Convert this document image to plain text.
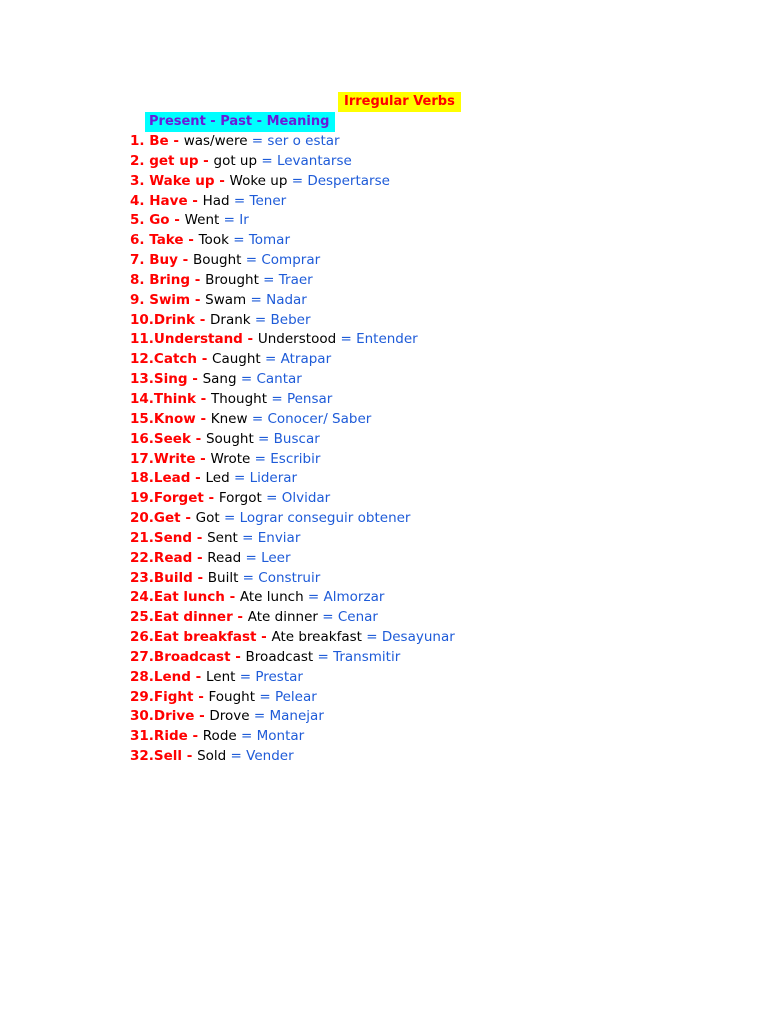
Irregular Verbs
Present - Past - Meaning
1. Be - was/were = ser o estar
2. get up - got up = Levantarse
3. Wake up - Woke up = Despertarse
4. Have - Had = Tener
5. Go - Went = Ir
6. Take - Took = Tomar
7. Buy - Bought = Comprar
8. Bring - Brought = Traer
9. Swim - Swam = Nadar
10.Drink - Drank = Beber
11.Understand - Understood = Entender
12.Catch - Caught = Atrapar
13.Sing - Sang = Cantar
14.Think - Thought = Pensar
15.Know - Knew = Conocer/ Saber
16.Seek - Sought = Buscar
17.Write - Wrote = Escribir
18.Lead - Led = Liderar
19.Forget - Forgot = Olvidar
20.Get - Got = Lograr conseguir obtener
21.Send - Sent = Enviar
22.Read - Read = Leer
23.Build - Built = Construir
24.Eat lunch - Ate lunch = Almorzar
25.Eat dinner - Ate dinner = Cenar
26.Eat breakfast - Ate breakfast = Desayunar
27.Broadcast - Broadcast = Transmitir
28.Lend - Lent = Prestar
29.Fight - Fought = Pelear
30.Drive - Drove = Manejar
31.Ride - Rode = Montar
32.Sell - Sold = Vender
